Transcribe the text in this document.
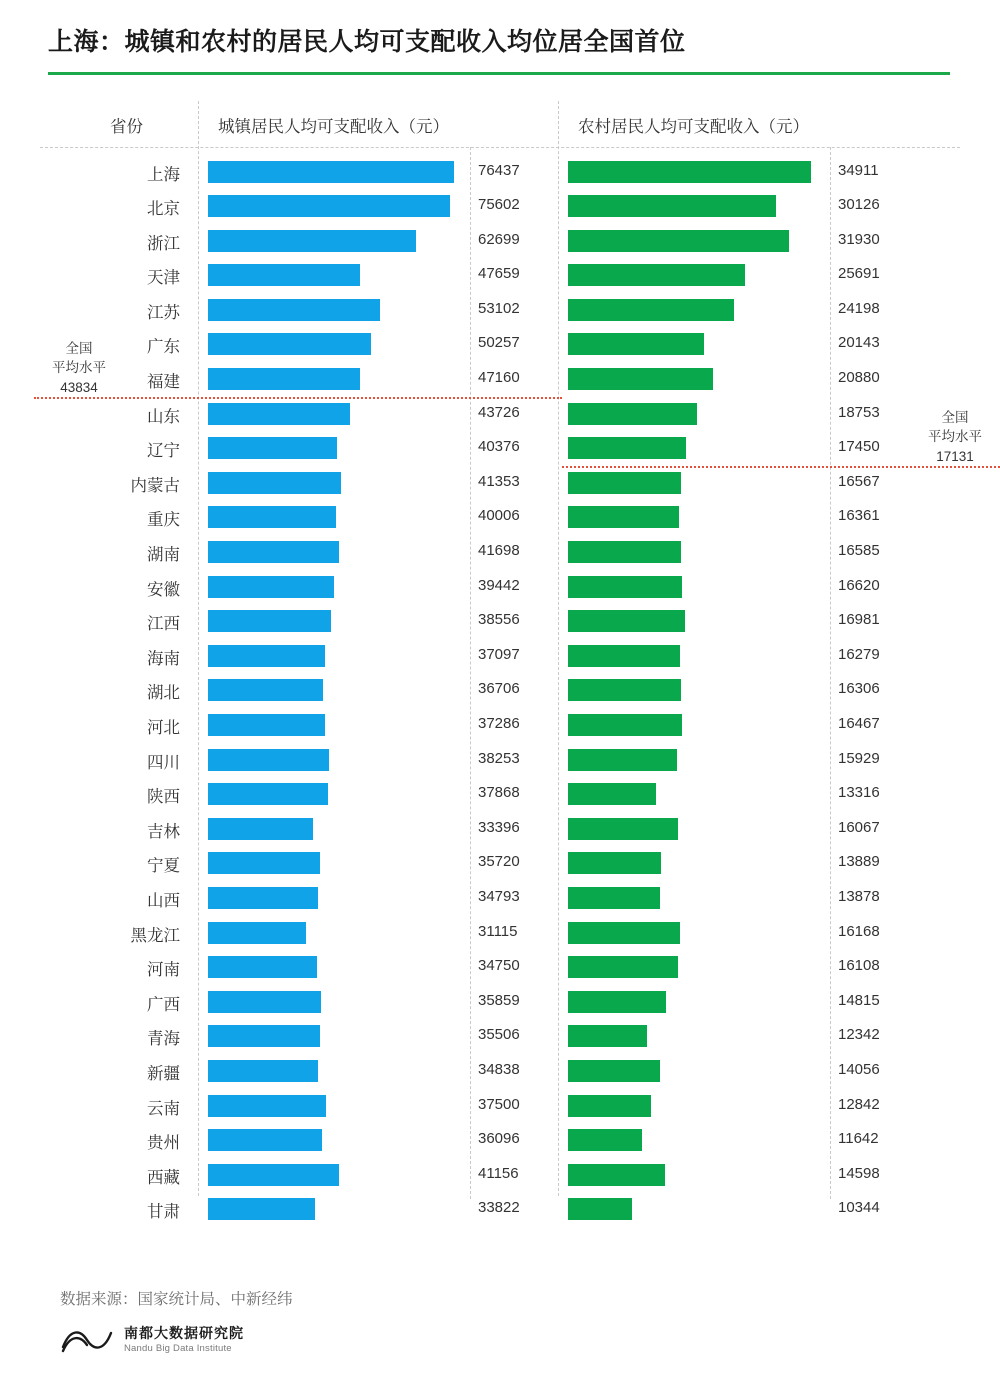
上海：城镇和农村的居民人均可支配收入均位居全国首位
省份	城镇居民人均可支配收入（元）	农村居民人均可支配收入（元）
上海	76437	34911
北京	75602	30126
浙江	62699	31930
天津	47659	25691
江苏	53102	24198
广东	50257	20143
福建	47160	20880
山东	43726	18753
辽宁	40376	17450
内蒙古	41353	16567
重庆	40006	16361
湖南	41698	16585
安徽	39442	16620
江西	38556	16981
海南	37097	16279
湖北	36706	16306
河北	37286	16467
四川	38253	15929
陕西	37868	13316
吉林	33396	16067
宁夏	35720	13889
山西	34793	13878
黑龙江	31115	16168
河南	34750	16108
广西	35859	14815
青海	35506	12342
新疆	34838	14056
云南	37500	12842
贵州	36096	11642
西藏	41156	14598
甘肃	33822	10344
全国
平均水平
43834
全国
平均水平
17131
数据来源：国家统计局、中新经纬
南都大数据研究院
Nandu Big Data Institute
